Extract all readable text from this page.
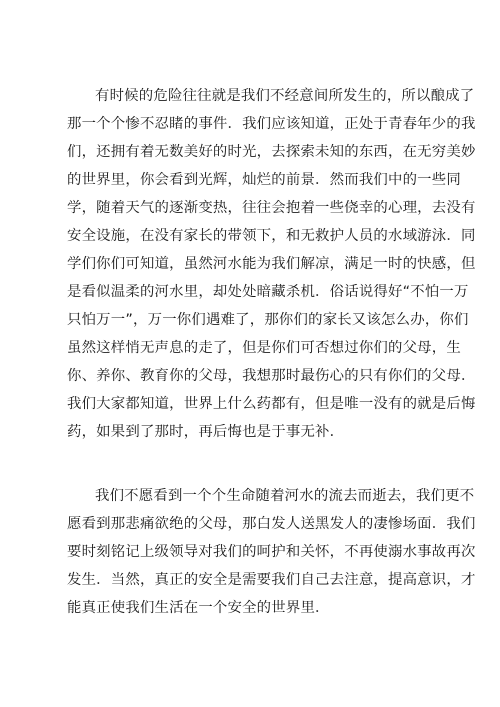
有时候的危险往往就是我们不经意间所发生的，所以酿成了
那一个个惨不忍睹的事件．我们应该知道，正处于青春年少的我
们，还拥有着无数美好的时光，去探索未知的东西，在无穷美妙
的世界里，你会看到光辉，灿烂的前景．然而我们中的一些同
学，随着天气的逐渐变热，往往会抱着一些侥幸的心理，去没有
安全设施，在没有家长的带领下，和无救护人员的水域游泳．同
学们你们可知道，虽然河水能为我们解凉，满足一时的快感，但
是看似温柔的河水里，却处处暗藏杀机．俗话说得好“不怕一万
只怕万一”，万一你们遇难了，那你们的家长又该怎么办，你们
虽然这样悄无声息的走了，但是你们可否想过你们的父母，生
你、养你、教育你的父母，我想那时最伤心的只有你们的父母．
我们大家都知道，世界上什么药都有，但是唯一没有的就是后悔
药，如果到了那时，再后悔也是于事无补．
我们不愿看到一个个生命随着河水的流去而逝去，我们更不
愿看到那悲痛欲绝的父母，那白发人送黑发人的凄惨场面．我们
要时刻铭记上级领导对我们的呵护和关怀，不再使溺水事故再次
发生．当然，真正的安全是需要我们自己去注意，提高意识，才
能真正使我们生活在一个安全的世界里．
